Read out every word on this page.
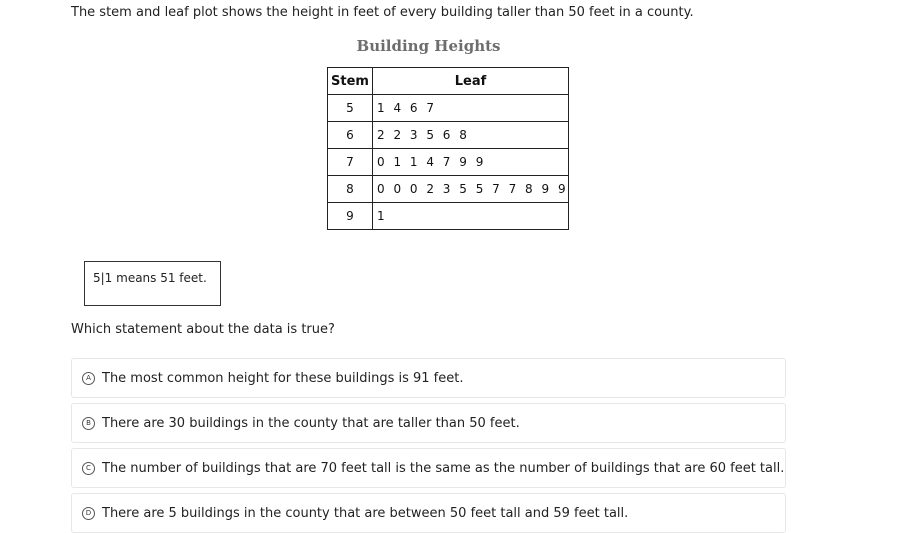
The stem and leaf plot shows the height in feet of every building taller than 50 feet in a county.
Building Heights
Stem	Leaf
5	1 4 6 7
6	2 2 3 5 6 8
7	0 1 1 4 7 9 9
8	0 0 0 2 3 5 5 7 7 8 9 9
9	1
5|1 means 51 feet.
Which statement about the data is true?
A The most common height for these buildings is 91 feet.
B There are 30 buildings in the county that are taller than 50 feet.
C The number of buildings that are 70 feet tall is the same as the number of buildings that are 60 feet tall.
D There are 5 buildings in the county that are between 50 feet tall and 59 feet tall.
